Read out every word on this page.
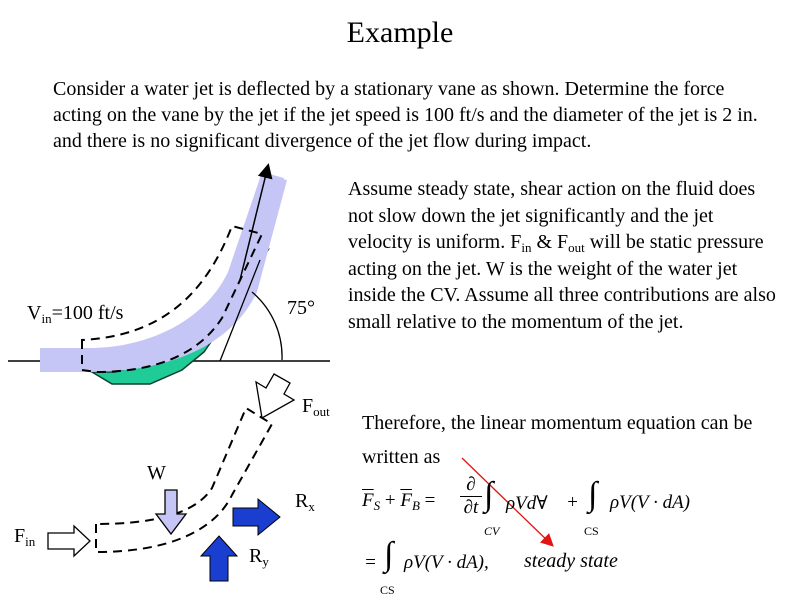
Example
Consider a water jet is deflected by a stationary vane as shown. Determine the force acting on the vane by the jet if the jet speed is 100 ft/s and the diameter of the jet is 2 in. and there is no significant divergence of the jet flow during impact.
Assume steady state, shear action on the fluid does not slow down the jet significantly and the jet velocity is uniform. $F_{in}$ & $F_{out}$ will be static pressure acting on the jet. W is the weight of the water jet inside the CV. Assume all three contributions are also small relative to the momentum of the jet.
$V_{in}=100$ ft/s	75°
$F_{out}$
W
$R_x$
$F_{in}$
$R_y$
Therefore, the linear momentum equation can be written as
$\overline{F}_S + \overline{F}_B$ =
∂
∂t ∫
CV
ρVd∀ + ∫
CS
ρV(V · dA)
= ∫
CS
ρV(V · dA), steady state
